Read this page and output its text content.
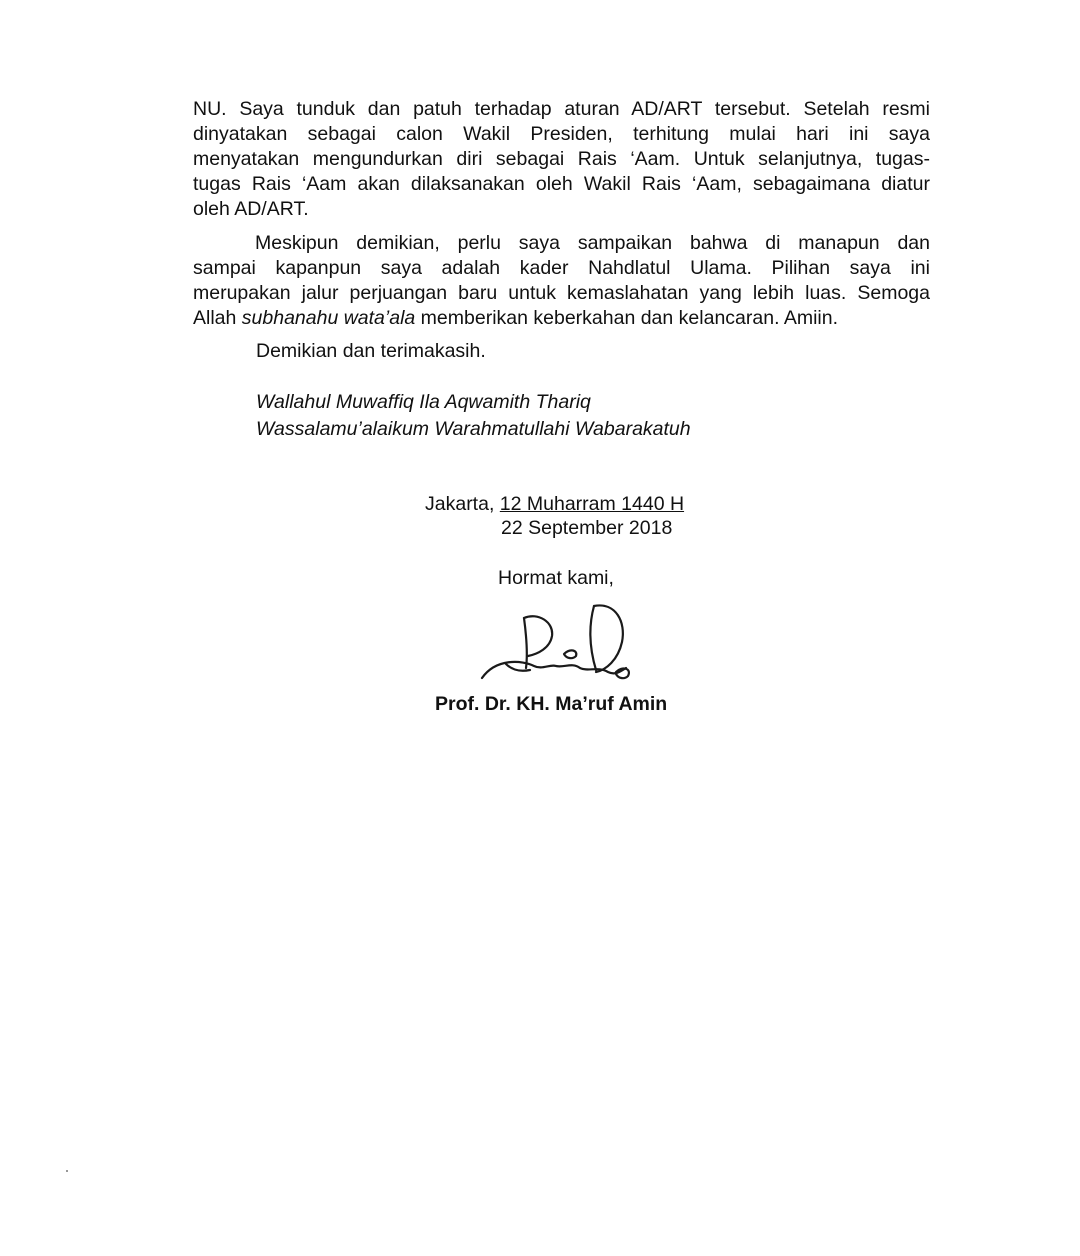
NU. Saya tunduk dan patuh terhadap aturan AD/ART tersebut. Setelah resmi
dinyatakan sebagai calon Wakil Presiden, terhitung mulai hari ini saya
menyatakan mengundurkan diri sebagai Rais ‘Aam. Untuk selanjutnya, tugas-
tugas Rais ‘Aam akan dilaksanakan oleh Wakil Rais ‘Aam, sebagaimana diatur
oleh AD/ART.
Meskipun demikian, perlu saya sampaikan bahwa di manapun dan
sampai kapanpun saya adalah kader Nahdlatul Ulama. Pilihan saya ini
merupakan jalur perjuangan baru untuk kemaslahatan yang lebih luas. Semoga
Allah subhanahu wata’ala memberikan keberkahan dan kelancaran. Amiin.
Demikian dan terimakasih.
Wallahul Muwaffiq Ila Aqwamith Thariq
Wassalamu’alaikum Warahmatullahi Wabarakatuh
Jakarta, 12 Muharram 1440 H
22 September 2018
Hormat kami,
Prof. Dr. KH. Ma’ruf Amin
